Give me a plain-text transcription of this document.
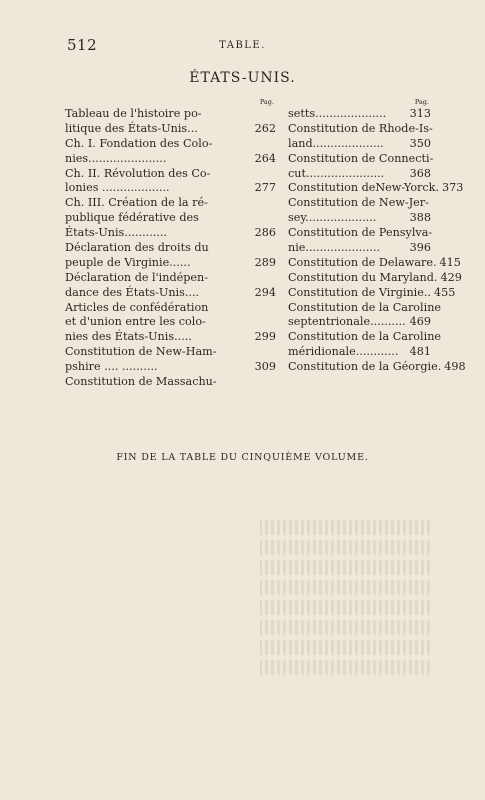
512	TABLE.
ÉTATS-UNIS.
Pag.
Tableau de l'histoire po-
litique des États-Unis...	262
Ch. I. Fondation des Colo-
nies......................	264
Ch. II. Révolution des Co-
lonies ...................	277
Ch. III. Création de la ré-
publique fédérative des
États-Unis............	286
Déclaration des droits du
peuple de Virginie......	289
Déclaration de l'indépen-
dance des États-Unis....	294
Articles de confédération
et d'union entre les colo-
nies des États-Unis.....	299
Constitution de New-Ham-
pshire .... ..........	309
Constitution de Massachu-
Pag.
setts.................... 313
Constitution de Rhode-Is-
land.................... 350
Constitution de Connecti-
cut...................... 368
Constitution deNew-Yorck. 373
Constitution de New-Jer-
sey....................	388
Constitution de Pensylva-
nie.....................	396
Constitution de Delaware. 415
Constitution du Maryland. 429
Constitution de Virginie.. 455
Constitution de la Caroline
septentrionale.......... 469
Constitution de la Caroline
méridionale............ 481
Constitution de la Géorgie. 498
FIN DE LA TABLE DU CINQUIÈME VOLUME.
